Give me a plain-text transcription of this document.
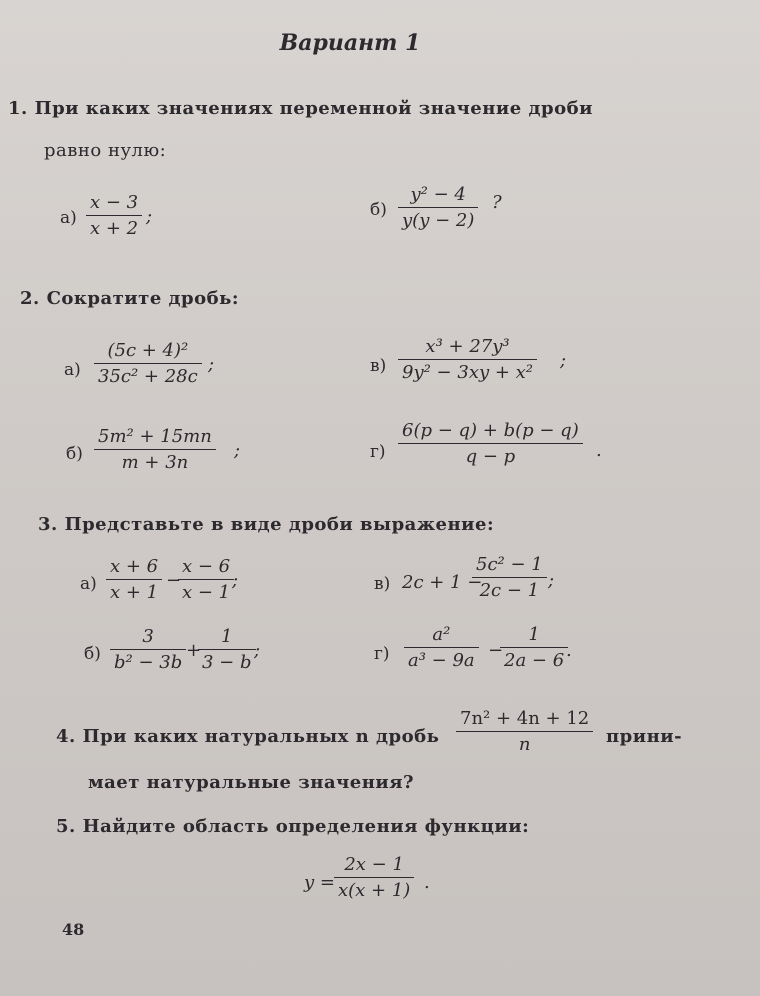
Вариант 1
1. При каких значениях переменной значение дроби
равно нулю:
а)
x − 3
x + 2
;	б)
y² − 4
y(y − 2)
?
2. Сократите дробь:
а)
(5c + 4)²
35c² + 28c
;	в)
x³ + 27y³
9y² − 3xy + x²
;
б)
5m² + 15mn
m + 3n
;	г)
6(p − q) + b(p − q)
q − p	.
3. Представьте в виде дроби выражение:
а)
x + 6
x + 1
−
x − 6
x − 1
;	в) 2c + 1 −
5c² − 1
2c − 1 ;
б)
3
b² − 3b
+
1
3 − b
;	г)
a²
a³ − 9a −
1
2a − 6 .
4. При каких натуральных n дробь
7n² + 4n + 12
n	прини-
мает натуральные значения?
5. Найдите область определения функции:
y =
2x − 1
x(x + 1) .
48
